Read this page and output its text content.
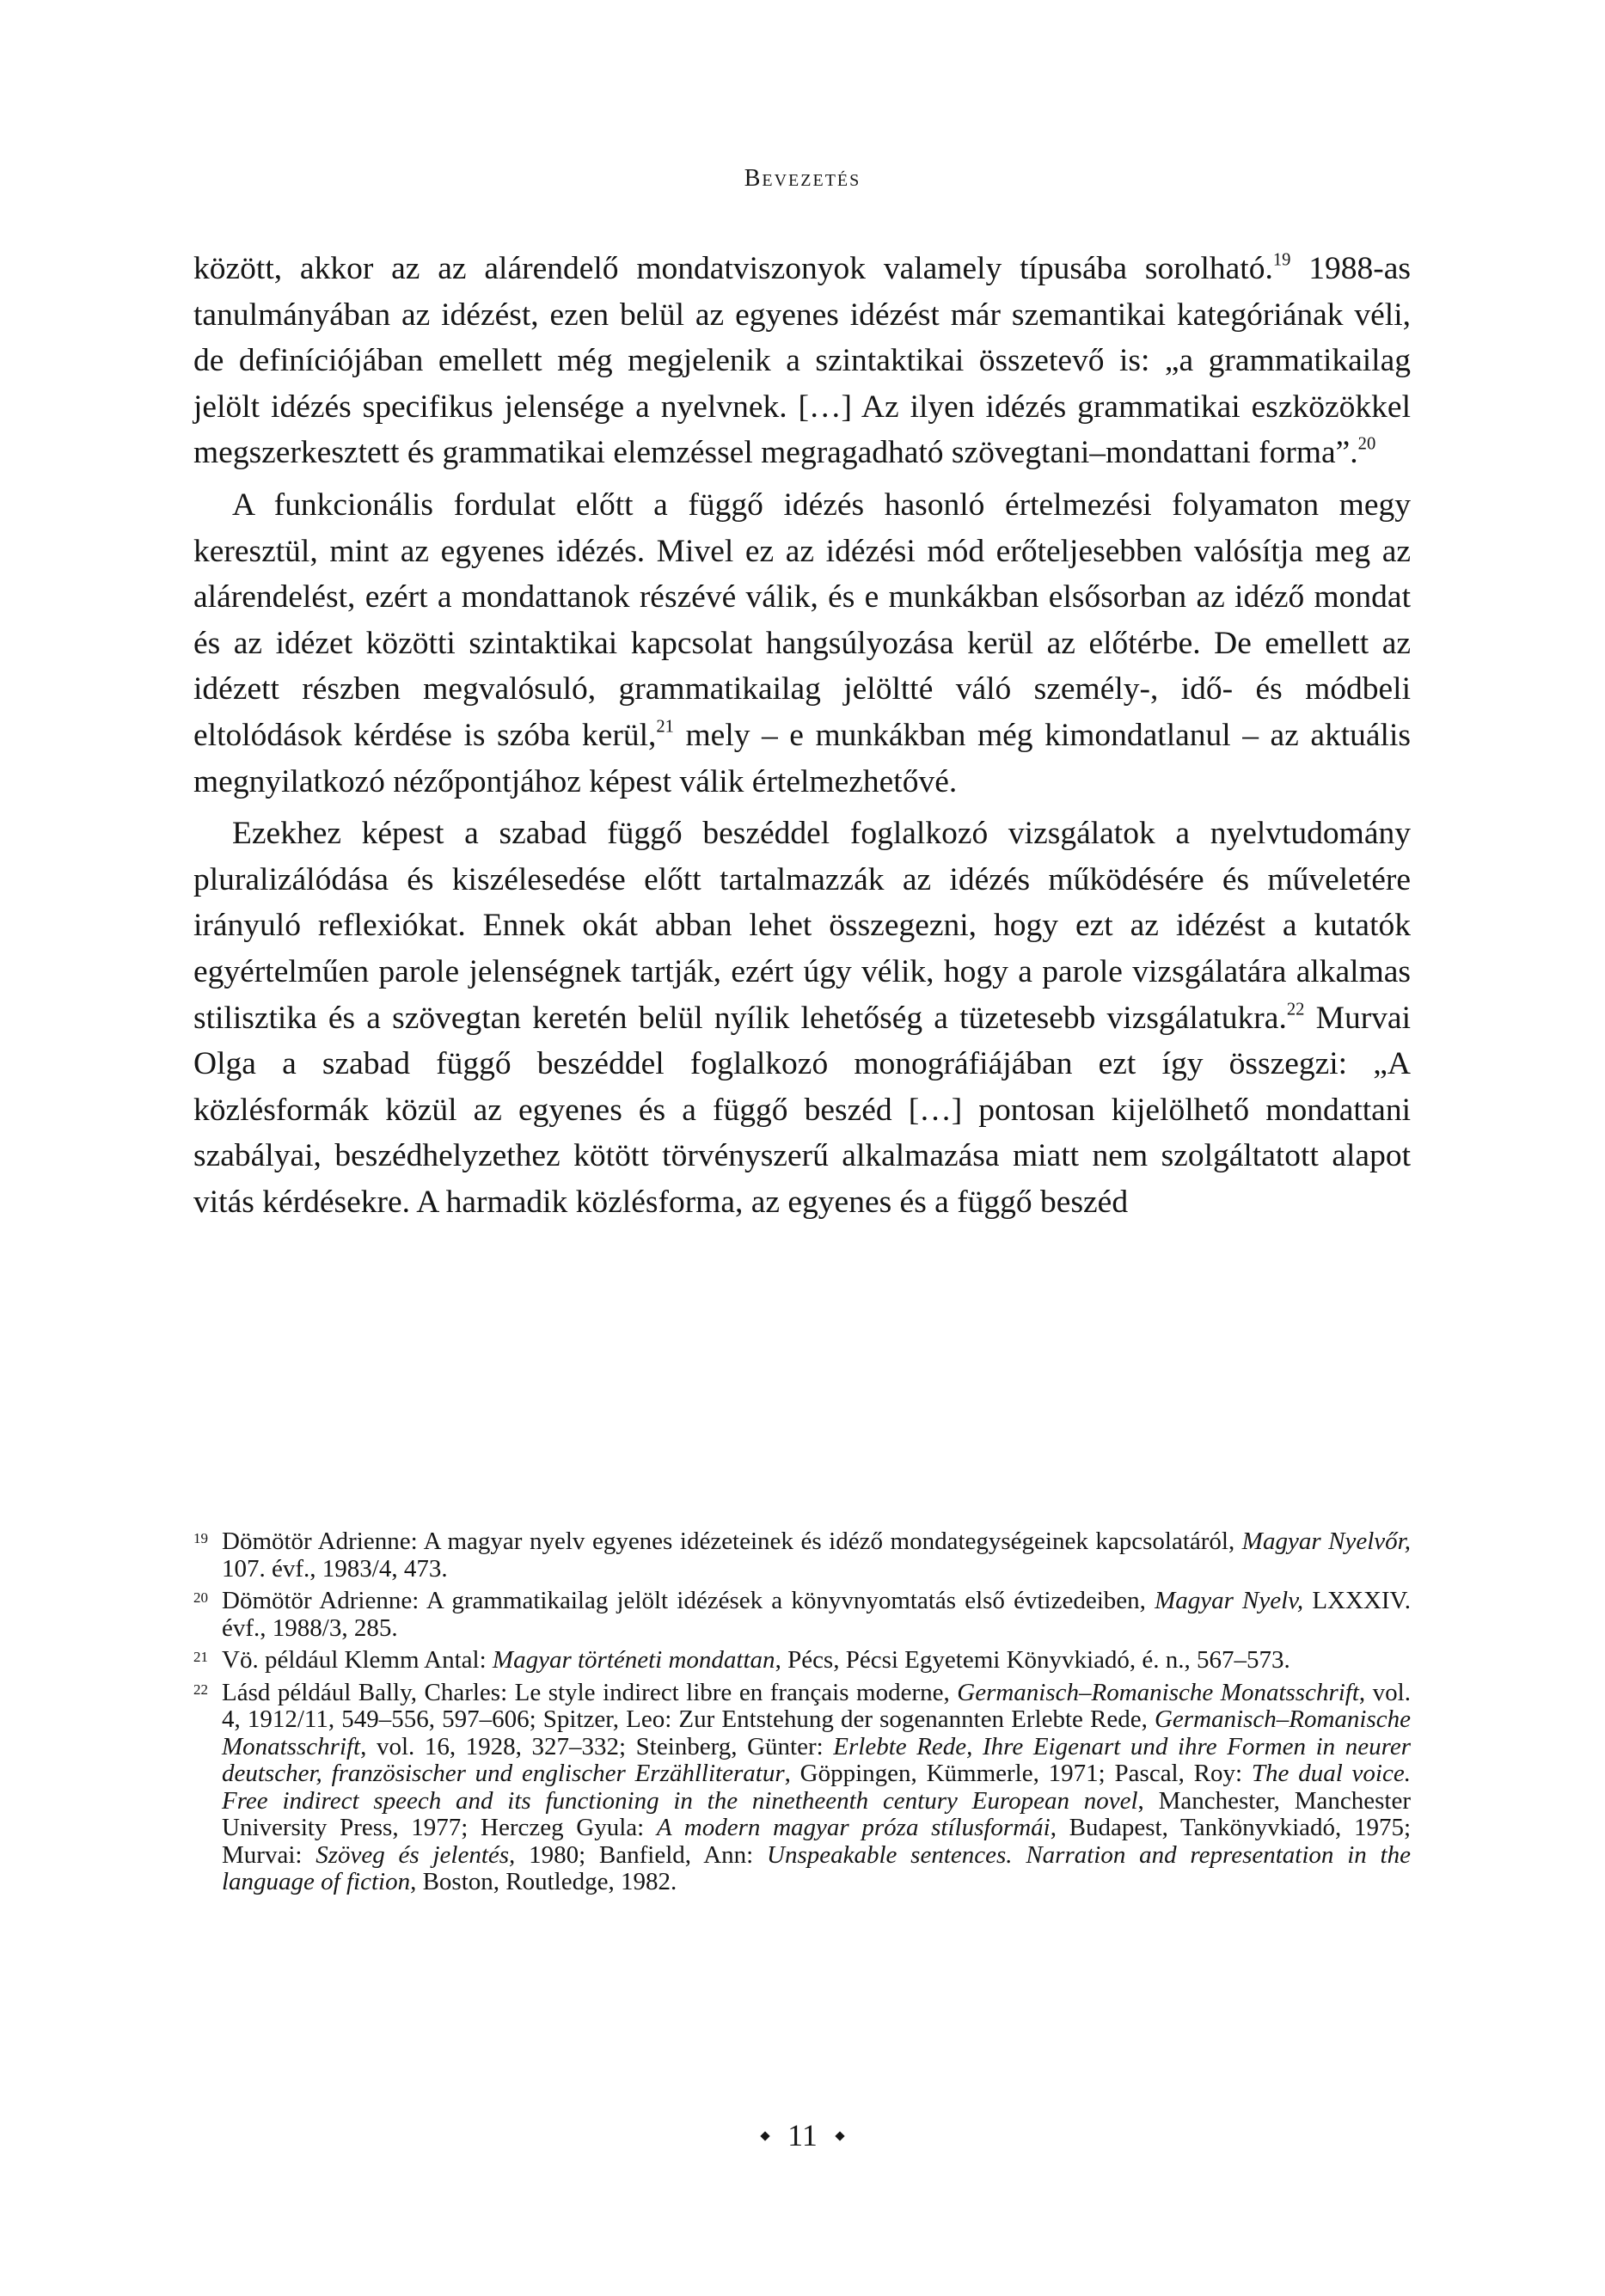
Bevezetés

között, akkor az az alárendelő mondatviszonyok valamely típusába sorolható.$^{19}$ 1988-as tanulmányában az idézést, ezen belül az egyenes idézést már szemantikai kategóriának véli, de definíciójában emellett még megjelenik a szintaktikai összetevő is: „a grammatikailag jelölt idézés specifikus jelensége a nyelvnek. […] Az ilyen idézés grammatikai eszközökkel megszerkesztett és grammatikai elemzéssel megragadható szövegtani–mondattani forma”.$^{20}$

A funkcionális fordulat előtt a függő idézés hasonló értelmezési folyamaton megy keresztül, mint az egyenes idézés. Mivel ez az idézési mód erőteljesebben valósítja meg az alárendelést, ezért a mondattanok részévé válik, és e munkákban elsősorban az idéző mondat és az idézet közötti szintaktikai kapcsolat hangsúlyozása kerül az előtérbe. De emellett az idézett részben megvalósuló, grammatikailag jelöltté váló személy-, idő- és módbeli eltolódások kérdése is szóba kerül,$^{21}$ mely – e munkákban még kimondatlanul – az aktuális megnyilatkozó nézőpontjához képest válik értelmezhetővé.

Ezekhez képest a szabad függő beszéddel foglalkozó vizsgálatok a nyelvtudomány pluralizálódása és kiszélesedése előtt tartalmazzák az idézés működésére és műveletére irányuló reflexiókat. Ennek okát abban lehet összegezni, hogy ezt az idézést a kutatók egyértelműen parole jelenségnek tartják, ezért úgy vélik, hogy a parole vizsgálatára alkalmas stilisztika és a szövegtan keretén belül nyílik lehetőség a tüzetesebb vizsgálatukra.$^{22}$ Murvai Olga a szabad függő beszéddel foglalkozó monográfiájában ezt így összegzi: „A közlésformák közül az egyenes és a függő beszéd […] pontosan kijelölhető mondattani szabályai, beszédhelyzethez kötött törvényszerű alkalmazása miatt nem szolgáltatott alapot vitás kérdésekre. A harmadik közlésforma, az egyenes és a függő beszéd

19 Dömötör Adrienne: A magyar nyelv egyenes idézeteinek és idéző mondategységeinek kapcsolatáról, Magyar Nyelvőr, 107. évf., 1983/4, 473.
20 Dömötör Adrienne: A grammatikailag jelölt idézések a könyvnyomtatás első évtizedeiben, Magyar Nyelv, LXXXIV. évf., 1988/3, 285.
21 Vö. például Klemm Antal: Magyar történeti mondattan, Pécs, Pécsi Egyetemi Könyvkiadó, é. n., 567–573.
22 Lásd például Bally, Charles: Le style indirect libre en français moderne, Germanisch–Romanische Monatsschrift, vol. 4, 1912/11, 549–556, 597–606; Spitzer, Leo: Zur Entstehung der sogenannten Erlebte Rede, Germanisch–Romanische Monatsschrift, vol. 16, 1928, 327–332; Steinberg, Günter: Erlebte Rede, Ihre Eigenart und ihre Formen in neurer deutscher, französischer und englischer Erzählliteratur, Göppingen, Kümmerle, 1971; Pascal, Roy: The dual voice. Free indirect speech and its functioning in the ninetheenth century European novel, Manchester, Manchester University Press, 1977; Herczeg Gyula: A modern magyar próza stílusformái, Budapest, Tankönyvkiadó, 1975; Murvai: Szöveg és jelentés, 1980; Banfield, Ann: Unspeakable sentences. Narration and representation in the language of fiction, Boston, Routledge, 1982.
11
